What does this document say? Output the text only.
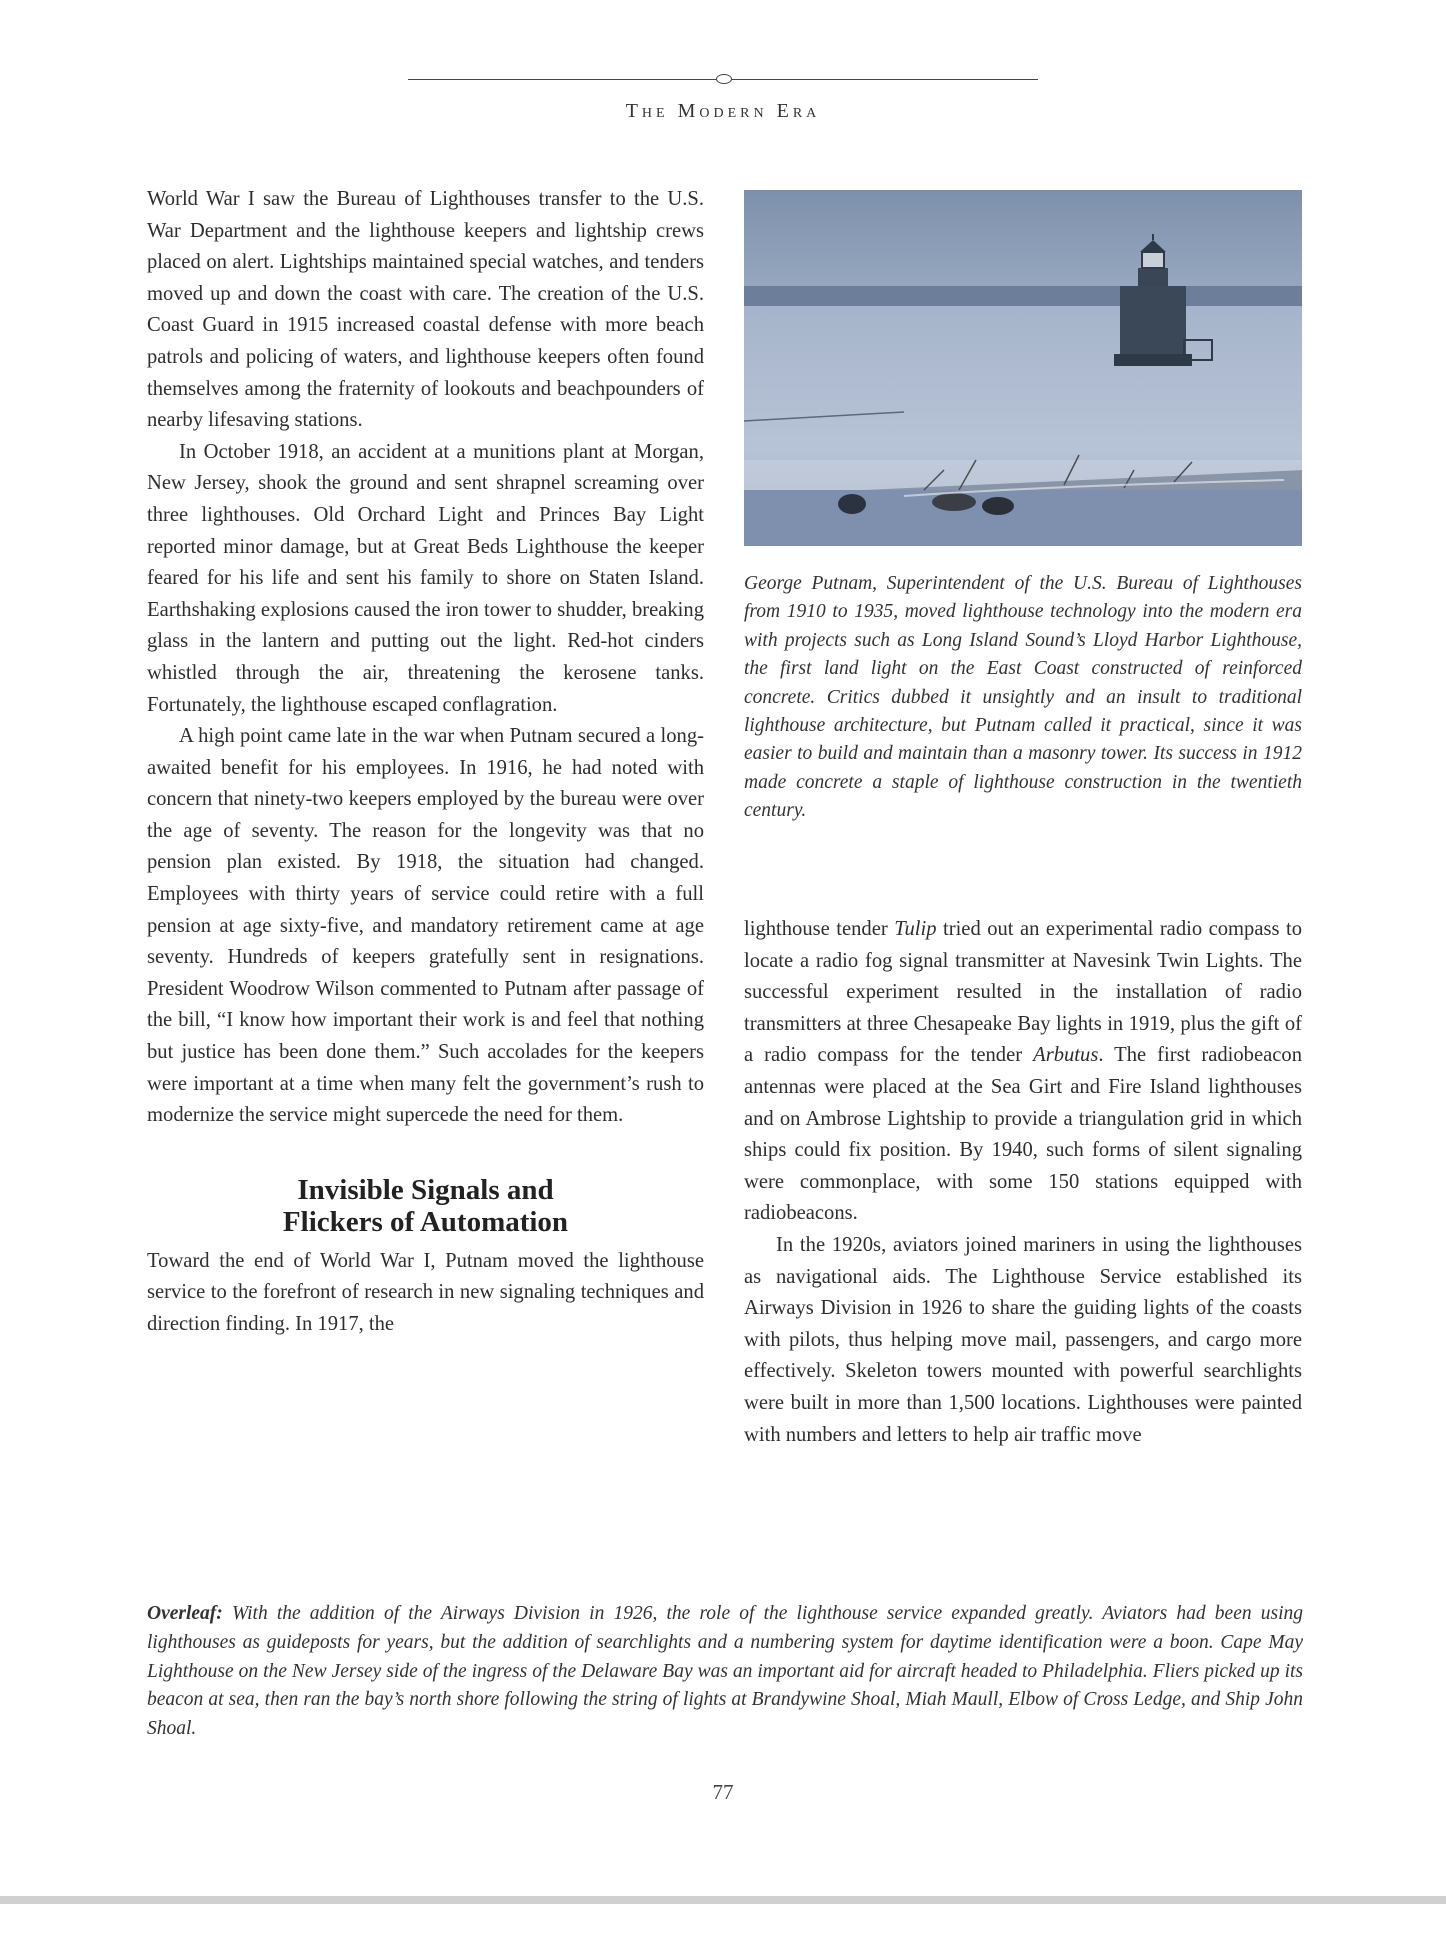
The Modern Era

World War I saw the Bureau of Lighthouses transfer to the U.S. War Department and the lighthouse keepers and lightship crews placed on alert. Lightships maintained special watches, and tenders moved up and down the coast with care. The creation of the U.S. Coast Guard in 1915 increased coastal defense with more beach patrols and policing of waters, and lighthouse keepers often found themselves among the fraternity of lookouts and beachpounders of nearby lifesaving stations.

In October 1918, an accident at a munitions plant at Morgan, New Jersey, shook the ground and sent shrapnel screaming over three lighthouses. Old Orchard Light and Princes Bay Light reported minor damage, but at Great Beds Lighthouse the keeper feared for his life and sent his family to shore on Staten Island. Earthshaking explosions caused the iron tower to shudder, breaking glass in the lantern and putting out the light. Red-hot cinders whistled through the air, threatening the kerosene tanks. Fortunately, the lighthouse escaped conflagration.

A high point came late in the war when Putnam secured a long-awaited benefit for his employees. In 1916, he had noted with concern that ninety-two keepers employed by the bureau were over the age of seventy. The reason for the longevity was that no pension plan existed. By 1918, the situation had changed. Employees with thirty years of service could retire with a full pension at age sixty-five, and mandatory retirement came at age seventy. Hundreds of keepers gratefully sent in resignations. President Woodrow Wilson commented to Putnam after passage of the bill, “I know how important their work is and feel that nothing but justice has been done them.” Such accolades for the keepers were important at a time when many felt the government’s rush to modernize the service might supercede the need for them.

Invisible Signals and
Flickers of Automation

Toward the end of World War I, Putnam moved the lighthouse service to the forefront of research in new signaling techniques and direction finding. In 1917, the

George Putnam, Superintendent of the U.S. Bureau of Lighthouses from 1910 to 1935, moved lighthouse technology into the modern era with projects such as Long Island Sound’s Lloyd Harbor Lighthouse, the first land light on the East Coast constructed of reinforced concrete. Critics dubbed it unsightly and an insult to traditional lighthouse architecture, but Putnam called it practical, since it was easier to build and maintain than a masonry tower. Its success in 1912 made concrete a staple of lighthouse construction in the twentieth century.

lighthouse tender Tulip tried out an experimental radio compass to locate a radio fog signal transmitter at Navesink Twin Lights. The successful experiment resulted in the installation of radio transmitters at three Chesapeake Bay lights in 1919, plus the gift of a radio compass for the tender Arbutus. The first radiobeacon antennas were placed at the Sea Girt and Fire Island lighthouses and on Ambrose Lightship to provide a triangulation grid in which ships could fix position. By 1940, such forms of silent signaling were commonplace, with some 150 stations equipped with radiobeacons.

In the 1920s, aviators joined mariners in using the lighthouses as navigational aids. The Lighthouse Service established its Airways Division in 1926 to share the guiding lights of the coasts with pilots, thus helping move mail, passengers, and cargo more effectively. Skeleton towers mounted with powerful searchlights were built in more than 1,500 locations. Lighthouses were painted with numbers and letters to help air traffic move

Overleaf: With the addition of the Airways Division in 1926, the role of the lighthouse service expanded greatly. Aviators had been using lighthouses as guideposts for years, but the addition of searchlights and a numbering system for daytime identification were a boon. Cape May Lighthouse on the New Jersey side of the ingress of the Delaware Bay was an important aid for aircraft headed to Philadelphia. Fliers picked up its beacon at sea, then ran the bay’s north shore following the string of lights at Brandywine Shoal, Miah Maull, Elbow of Cross Ledge, and Ship John Shoal.
77
